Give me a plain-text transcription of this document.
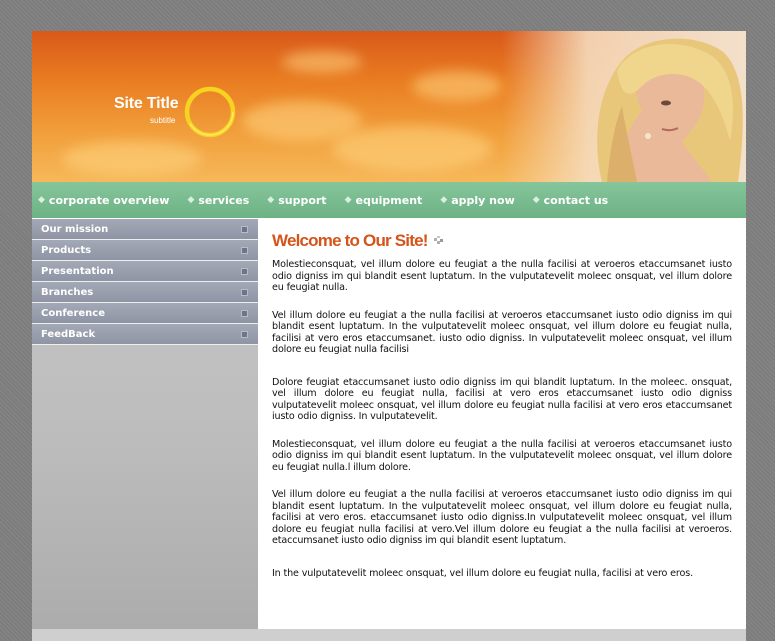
Site Title
subtitle
◆ corporate overview ◆ services ◆ support ◆ equipment ◆ apply now ◆ contact us
Our mission
Products
Presentation
Branches
Conference
FeedBack
Welcome to Our Site!

Molestieconsquat, vel illum dolore eu feugiat a the nulla facilisi at veroeros etaccumsanet iusto odio digniss im qui blandit esent luptatum. In the vulputatevelit moleec onsquat, vel illum dolore eu feugiat nulla.

Vel illum dolore eu feugiat a the nulla facilisi at veroeros etaccumsanet iusto odio digniss im qui blandit esent luptatum. In the vulputatevelit moleec onsquat, vel illum dolore eu feugiat nulla, facilisi at vero eros etaccumsanet. iusto odio digniss. In vulputatevelit moleec onsquat, vel illum dolore eu feugiat nulla facilisi

Dolore feugiat etaccumsanet iusto odio digniss im qui blandit luptatum. In the moleec. onsquat, vel illum dolore eu feugiat nulla, facilisi at vero eros etaccumsanet iusto odio digniss vulputatevelit moleec onsquat, vel illum dolore eu feugiat nulla facilisi at vero eros etaccumsanet iusto odio digniss. In vulputatevelit.

Molestieconsquat, vel illum dolore eu feugiat a the nulla facilisi at veroeros etaccumsanet iusto odio digniss im qui blandit esent luptatum. In the vulputatevelit moleec onsquat, vel illum dolore eu feugiat nulla.l illum dolore.

Vel illum dolore eu feugiat a the nulla facilisi at veroeros etaccumsanet iusto odio digniss im qui blandit esent luptatum. In the vulputatevelit moleec onsquat, vel illum dolore eu feugiat nulla, facilisi at vero eros. etaccumsanet iusto odio digniss.In vulputatevelit moleec onsquat, vel illum dolore eu feugiat nulla facilisi at vero.Vel illum dolore eu feugiat a the nulla facilisi at veroeros. etaccumsanet iusto odio digniss im qui blandit esent luptatum.

In the vulputatevelit moleec onsquat, vel illum dolore eu feugiat nulla, facilisi at vero eros.
